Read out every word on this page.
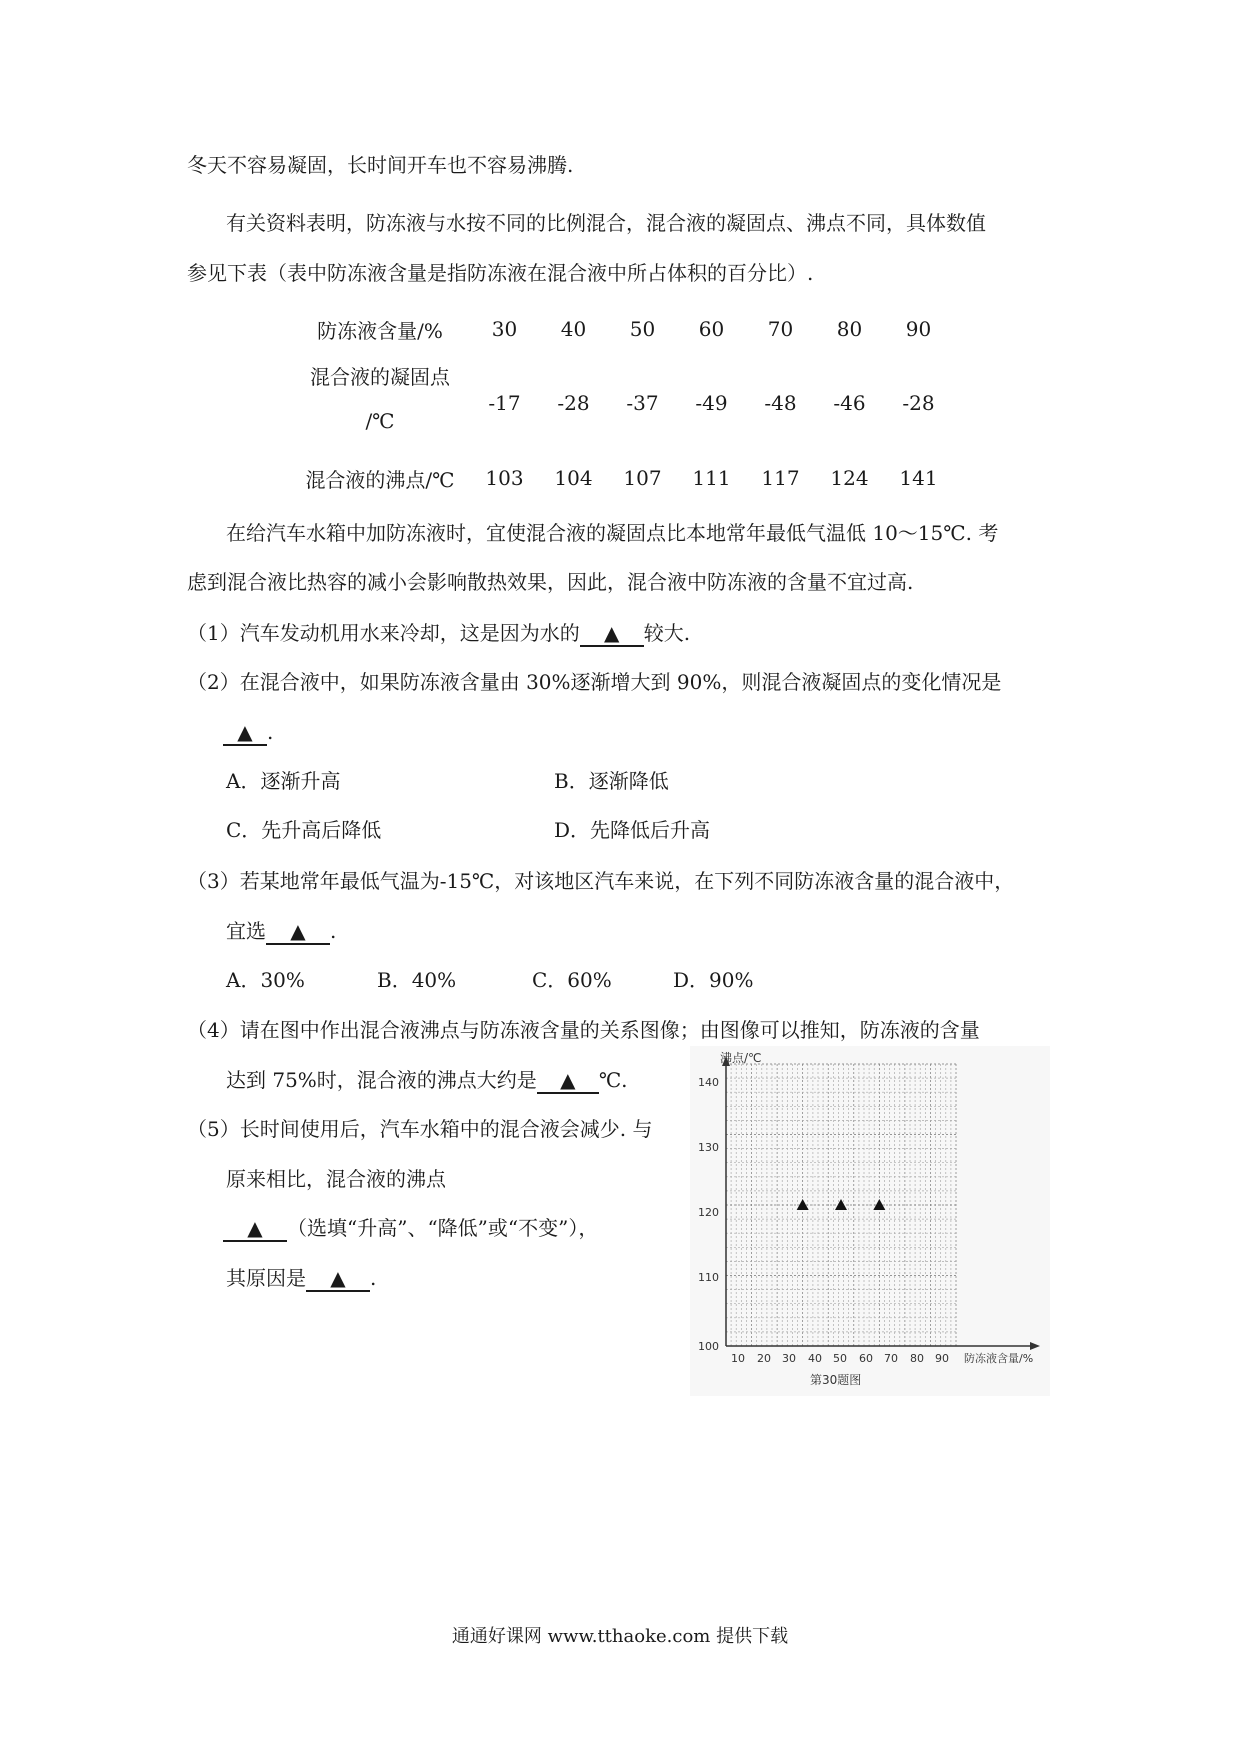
冬天不容易凝固，长时间开车也不容易沸腾.
有关资料表明，防冻液与水按不同的比例混合，混合液的凝固点、沸点不同，具体数值
参见下表（表中防冻液含量是指防冻液在混合液中所占体积的百分比）.
防冻液含量/%	30	40	50	60	70	80	90

混合液的凝固点
/℃	-17	-28	-37	-49	-48	-46	-28
混合液的沸点/℃	103	104	107	111	117	124	141
在给汽车水箱中加防冻液时，宜使混合液的凝固点比本地常年最低气温低 10～15℃. 考
虑到混合液比热容的减小会影响散热效果，因此，混合液中防冻液的含量不宜过高.
（1）汽车发动机用水来冷却，这是因为水的 ▲ 较大.
（2）在混合液中，如果防冻液含量由 30%逐渐增大到 90%，则混合液凝固点的变化情况是
▲ .
A．逐渐升高	B．逐渐降低
C．先升高后降低	D．先降低后升高
（3）若某地常年最低气温为-15℃，对该地区汽车来说，在下列不同防冻液含量的混合液中，
宜选 ▲ .
A．30%	B．40%	C．60%	D．90%
（4）请在图中作出混合液沸点与防冻液含量的关系图像；由图像可以推知，防冻液的含量
达到 75%时，混合液的沸点大约是 ▲ ℃.
（5）长时间使用后，汽车水箱中的混合液会减少. 与
原来相比，混合液的沸点
▲ （选填“升高”、“降低”或“不变”），
其原因是 ▲ .
沸点/℃
防冻液含量/%
140
130
120
110
100
10 20 30 40 50 60 70 80 90
第30题图
通通好课网 www.tthaoke.com 提供下载
